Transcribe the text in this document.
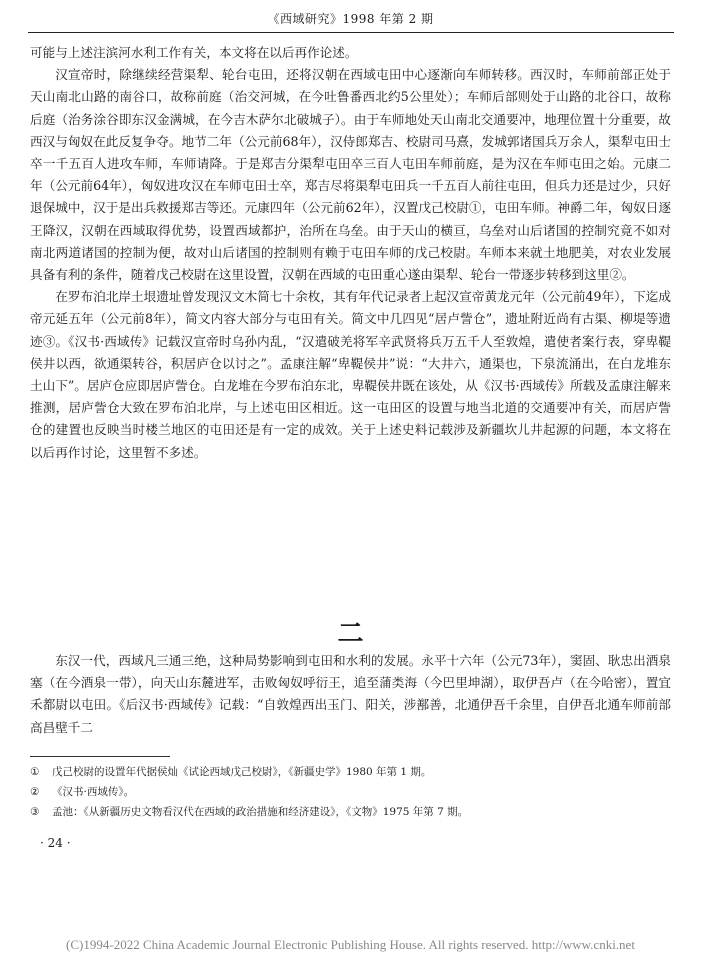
《西域研究》1998 年第 2 期

可能与上述注滨河水利工作有关，本文将在以后再作论述。

汉宣帝时，除继续经营渠犁、轮台屯田，还将汉朝在西域屯田中心逐渐向车师转移。西汉时，车师前部正处于天山南北山路的南谷口，故称前庭（治交河城，在今吐鲁番西北约5公里处）；车师后部则处于山路的北谷口，故称后庭（治务涂谷即东汉金满城，在今吉木萨尔北破城子）。由于车师地处天山南北交通要冲，地理位置十分重要，故西汉与匈奴在此反复争夺。地节二年（公元前68年），汉侍郎郑吉、校尉司马熹，发城郭诸国兵万余人，渠犁屯田士卒一千五百人进攻车师，车师请降。于是郑吉分渠犁屯田卒三百人屯田车师前庭，是为汉在车师屯田之始。元康二年（公元前64年），匈奴进攻汉在车师屯田士卒，郑吉尽将渠犁屯田兵一千五百人前往屯田，但兵力还是过少，只好退保城中，汉于是出兵救援郑吉等还。元康四年（公元前62年），汉置戊己校尉①，屯田车师。神爵二年，匈奴日逐王降汉，汉朝在西域取得优势，设置西域都护，治所在乌垒。由于天山的横亘，乌垒对山后诸国的控制究竟不如对南北两道诸国的控制为便，故对山后诸国的控制则有赖于屯田车师的戊己校尉。车师本来就土地肥美，对农业发展具备有利的条件，随着戊己校尉在这里设置，汉朝在西域的屯田重心遂由渠犁、轮台一带逐步转移到这里②。

在罗布泊北岸土垠遗址曾发现汉文木简七十余枚，其有年代记录者上起汉宣帝黄龙元年（公元前49年），下迄成帝元延五年（公元前8年），简文内容大部分与屯田有关。简文中几四见“居卢訾仓”，遗址附近尚有古渠、柳堤等遗迹③。《汉书·西域传》记载汉宣帝时乌孙内乱，“汉遣破羌将军辛武贤将兵万五千人至敦煌，遣使者案行表，穿卑鞮侯井以西，欲通渠转谷，积居庐仓以讨之”。孟康注解“卑鞮侯井”说：“大井六，通渠也，下泉流涌出，在白龙堆东土山下”。居庐仓应即居庐訾仓。白龙堆在今罗布泊东北，卑鞮侯井既在该处，从《汉书·西域传》所载及孟康注解来推测，居庐訾仓大致在罗布泊北岸，与上述屯田区相近。这一屯田区的设置与地当北道的交通要冲有关，而居庐訾仓的建置也反映当时楼兰地区的屯田还是有一定的成效。关于上述史料记载涉及新疆坎儿井起源的问题，本文将在以后再作讨论，这里暂不多述。

二

东汉一代，西域凡三通三绝，这种局势影响到屯田和水利的发展。永平十六年（公元73年），窦固、耿忠出酒泉塞（在今酒泉一带），向天山东麓进军，击败匈奴呼衍王，追至蒲类海（今巴里坤湖），取伊吾卢（在今哈密），置宜禾都尉以屯田。《后汉书·西域传》记载：“自敦煌西出玉门、阳关，涉鄯善，北通伊吾千余里，自伊吾北通车师前部高昌壁千二

① 戊己校尉的设置年代据侯灿《试论西域戊己校尉》，《新疆史学》1980 年第 1 期。
② 《汉书·西域传》。
③ 孟池：《从新疆历史文物看汉代在西域的政治措施和经济建设》，《文物》1975 年第 7 期。
· 24 ·
(C)1994-2022 China Academic Journal Electronic Publishing House. All rights reserved. http://www.cnki.net
